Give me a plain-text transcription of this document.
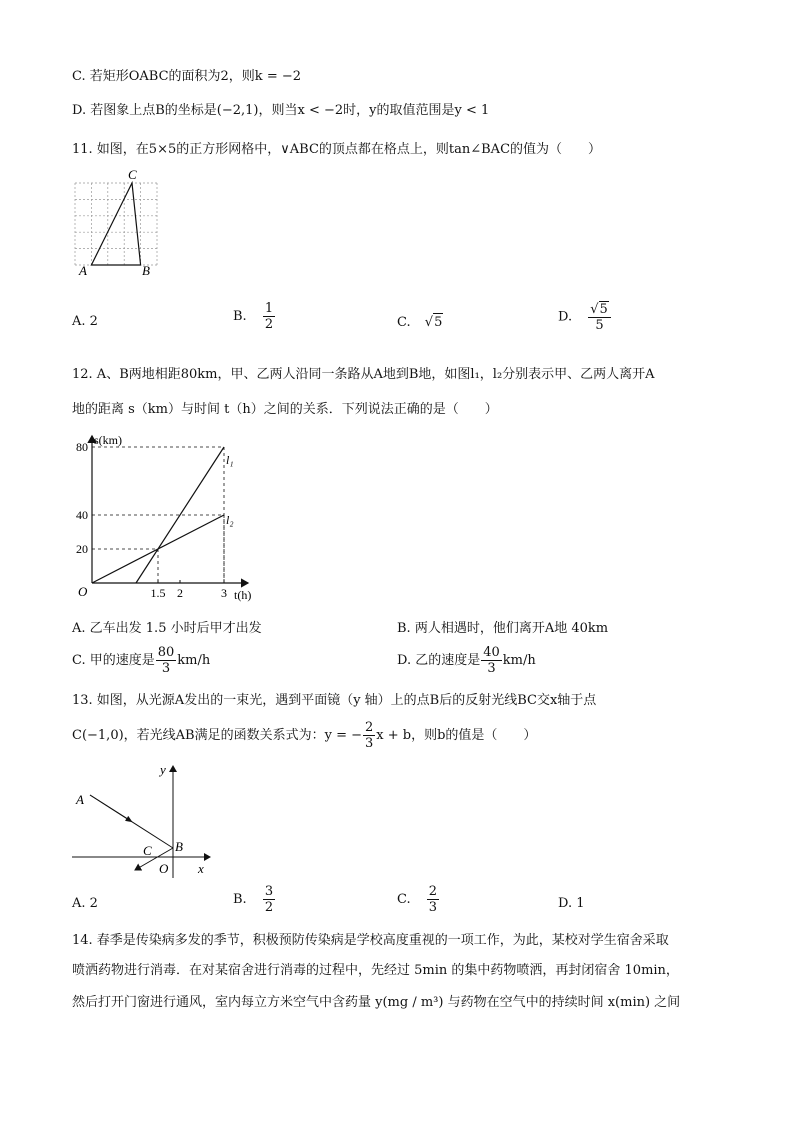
C. 若矩形OABC的面积为2，则k = −2
D. 若图象上点B的坐标是(−2,1)，则当x < −2时，y的取值范围是y < 1
11. 如图，在5×5的正方形网格中，∨ABC的顶点都在格点上，则tan∠BAC的值为（　　）
C
A	B
A. 2	B. $\frac{1}{2}$	C. √5	D. $\frac{√5}{5}$
12. A、B两地相距80km，甲、乙两人沿同一条路从A地到B地，如图l₁，l₂分别表示甲、乙两人离开A
地的距离 s（km）与时间 t（h）之间的关系．下列说法正确的是（　　）
20
40
80
1.5 2	3
s(km)
t(h)
O
l₁
l₂
A. 乙车出发 1.5 小时后甲才出发	B. 两人相遇时，他们离开A地 40km
C. 甲的速度是 $\frac{80}{3} km/h$	D. 乙的速度是 $\frac{40}{3} km/h$
13. 如图，从光源A发出的一束光，遇到平面镜（y 轴）上的点B后的反射光线BC交x轴于点
C(−1,0)，若光线AB满足的函数关系式为：y = − $\frac{2}{3}$ x + b，则b的值是（　　）
y
A
B
C
O x
A. 2	B. $\frac{3}{2}$	C. $\frac{2}{3}$	D. 1
14. 春季是传染病多发的季节，积极预防传染病是学校高度重视的一项工作，为此，某校对学生宿舍采取
喷洒药物进行消毒．在对某宿舍进行消毒的过程中，先经过 5min 的集中药物喷洒，再封闭宿舍 10min，
然后打开门窗进行通风，室内每立方米空气中含药量 y(mg / m³) 与药物在空气中的持续时间 x(min) 之间
